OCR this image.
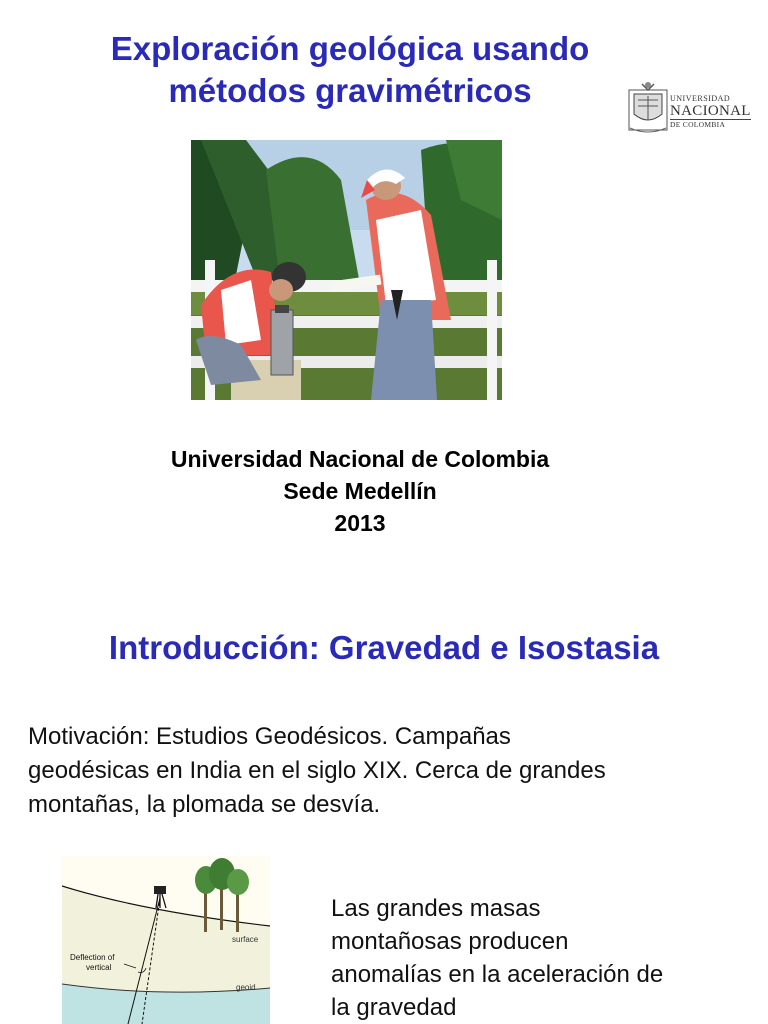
Exploración geológica usando
métodos gravimétricos	UNIVERSIDAD
NACIONAL
DE COLOMBIA
Universidad Nacional de Colombia
Sede Medellín
2013
Introducción: Gravedad e Isostasia
Motivación: Estudios Geodésicos. Campañas
geodésicas en India en el siglo XIX. Cerca de grandes
montañas, la plomada se desvía.
Deflection of
vertical
surface
geoid
Las grandes masas
montañosas producen
anomalías en la aceleración de
la gravedad
